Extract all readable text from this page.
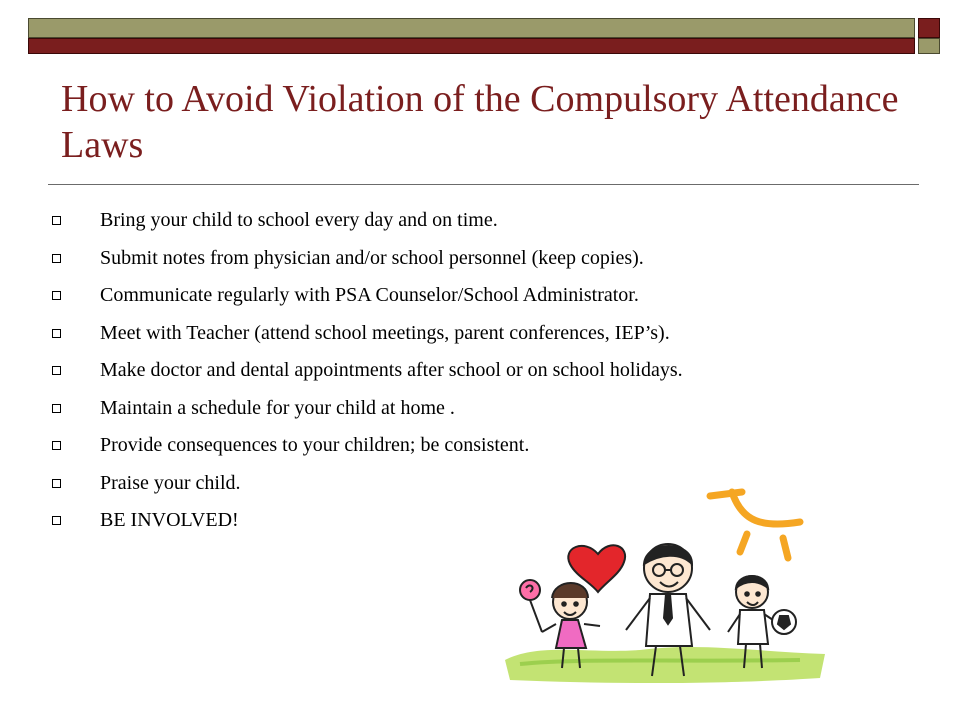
How to Avoid Violation of the Compulsory Attendance Laws
Bring your child to school every day and on time.
Submit notes from physician and/or school personnel (keep copies).
Communicate regularly with PSA Counselor/School Administrator.
Meet with Teacher (attend school meetings, parent conferences, IEP’s).
Make doctor and dental appointments after school or on school holidays.
Maintain a schedule for your child at home .
Provide consequences to your children; be consistent.
Praise your child.
BE INVOLVED!
